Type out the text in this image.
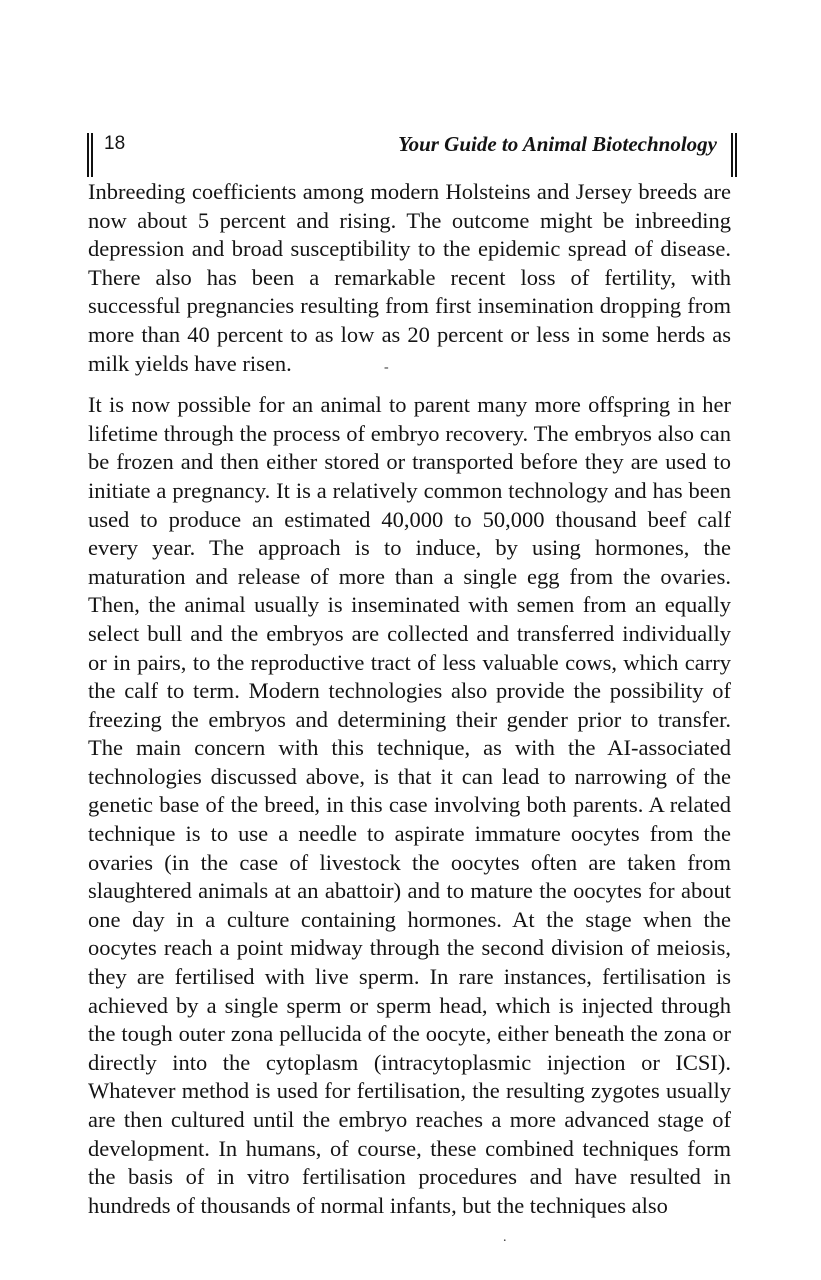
18	Your Guide to Animal Biotechnology

Inbreeding coefficients among modern Holsteins and Jersey breeds are now about 5 percent and rising. The outcome might be inbreeding depression and broad susceptibility to the epidemic spread of disease. There also has been a remarkable recent loss of fertility, with successful pregnancies resulting from first insemination dropping from more than 40 percent to as low as 20 percent or less in some herds as milk yields have risen.

It is now possible for an animal to parent many more offspring in her lifetime through the process of embryo recovery. The embryos also can be frozen and then either stored or transported before they are used to initiate a pregnancy. It is a relatively common technology and has been used to produce an estimated 40,000 to 50,000 thousand beef calf every year. The approach is to induce, by using hormones, the maturation and release of more than a single egg from the ovaries. Then, the animal usually is inseminated with semen from an equally select bull and the embryos are collected and transferred individually or in pairs, to the reproductive tract of less valuable cows, which carry the calf to term. Modern technologies also provide the possibility of freezing the embryos and determining their gender prior to transfer. The main concern with this technique, as with the AI-associated technologies discussed above, is that it can lead to narrowing of the genetic base of the breed, in this case involving both parents. A related technique is to use a needle to aspirate immature oocytes from the ovaries (in the case of livestock the oocytes often are taken from slaughtered animals at an abattoir) and to mature the oocytes for about one day in a culture containing hormones. At the stage when the oocytes reach a point midway through the second division of meiosis, they are fertilised with live sperm. In rare instances, fertilisation is achieved by a single sperm or sperm head, which is injected through the tough outer zona pellucida of the oocyte, either beneath the zona or directly into the cytoplasm (intracytoplasmic injection or ICSI). Whatever method is used for fertilisation, the resulting zygotes usually are then cultured until the embryo reaches a more advanced stage of development. In humans, of course, these combined techniques form the basis of in vitro fertilisation procedures and have resulted in hundreds of thousands of normal infants, but the techniques also

-
.
